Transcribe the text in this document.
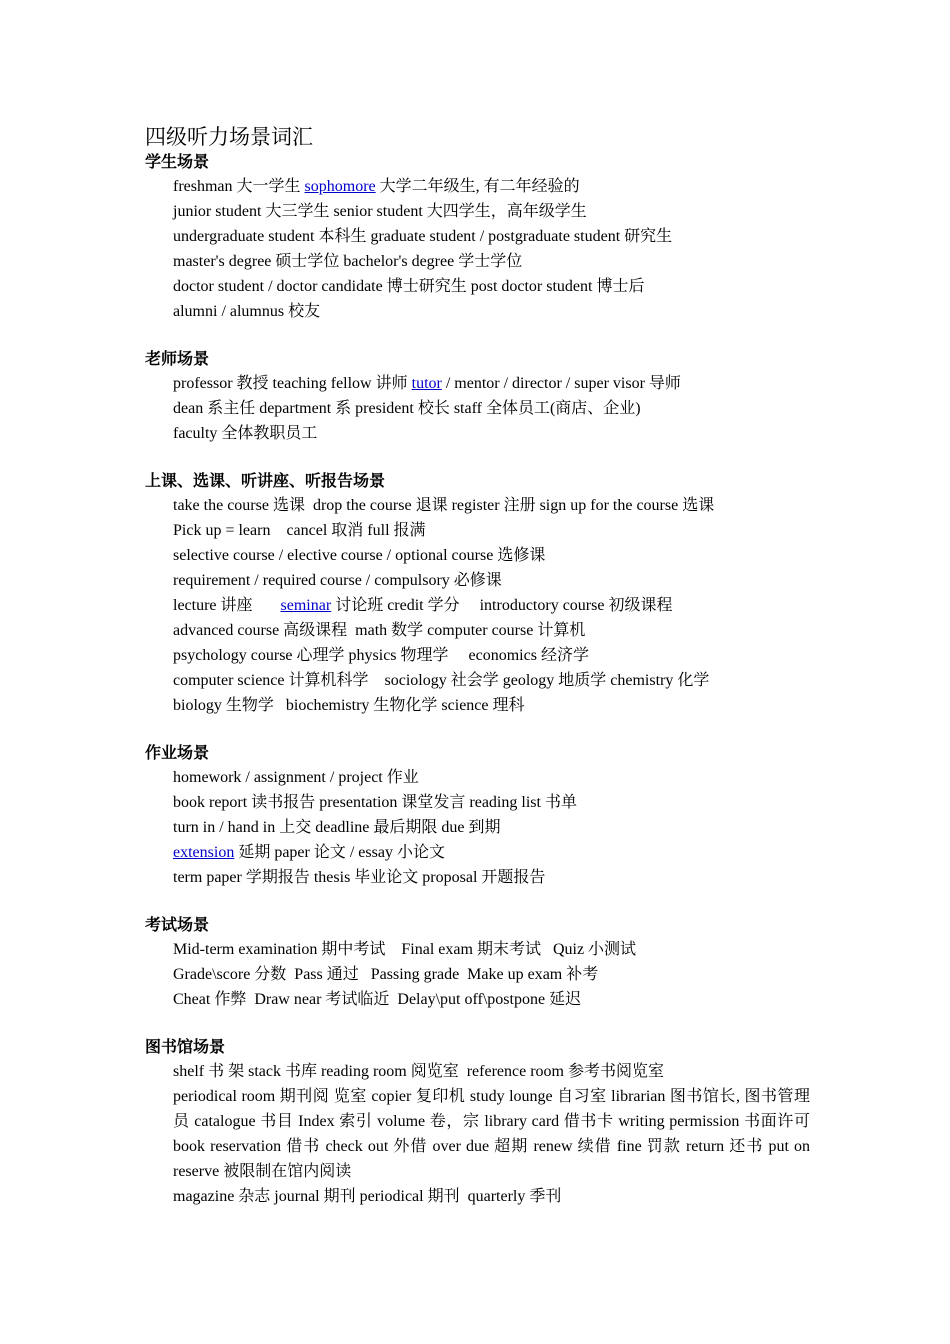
四级听力场景词汇
学生场景

freshman 大一学生 sophomore 大学二年级生, 有二年经验的

junior student 大三学生 senior student 大四学生，高年级学生

undergraduate student 本科生 graduate student / postgraduate student 研究生

master's degree 硕士学位 bachelor's degree 学士学位

doctor student / doctor candidate 博士研究生 post doctor student 博士后

alumni / alumnus 校友

老师场景

professor 教授 teaching fellow 讲师 tutor / mentor / director / super visor 导师

dean 系主任 department 系 president 校长 staff 全体员工(商店、企业)

faculty 全体教职员工

上课、选课、听讲座、听报告场景

take the course 选课  drop the course 退课 register 注册 sign up for the course 选课

Pick up = learn    cancel 取消 full 报满

selective course / elective course / optional course 选修课

requirement / required course / compulsory 必修课

lecture 讲座       seminar 讨论班 credit 学分     introductory course 初级课程

advanced course 高级课程  math 数学 computer course 计算机

psychology course 心理学 physics 物理学     economics 经济学

computer science 计算机科学    sociology 社会学 geology 地质学 chemistry 化学

biology 生物学   biochemistry 生物化学 science 理科

作业场景

homework / assignment / project 作业

book report 读书报告 presentation 课堂发言 reading list 书单

turn in / hand in 上交 deadline 最后期限 due 到期

extension 延期 paper 论文 / essay 小论文

term paper 学期报告 thesis 毕业论文 proposal 开题报告

考试场景

Mid-term examination 期中考试    Final exam 期末考试   Quiz 小测试

Grade\score 分数  Pass 通过   Passing grade  Make up exam 补考

Cheat 作弊  Draw near 考试临近  Delay\put off\postpone 延迟

图书馆场景

shelf 书 架 stack 书库 reading room 阅览室  reference room 参考书阅览室

periodical room 期刊阅 览室 copier 复印机 study lounge 自习室 librarian 图书馆长, 图书管理员 catalogue 书目 Index 索引 volume 卷，宗 library card 借书卡 writing permission 书面许可 book reservation 借书 check out 外借 over due 超期 renew 续借 fine 罚款 return 还书 put on reserve 被限制在馆内阅读

magazine 杂志 journal 期刊 periodical 期刊  quarterly 季刊
